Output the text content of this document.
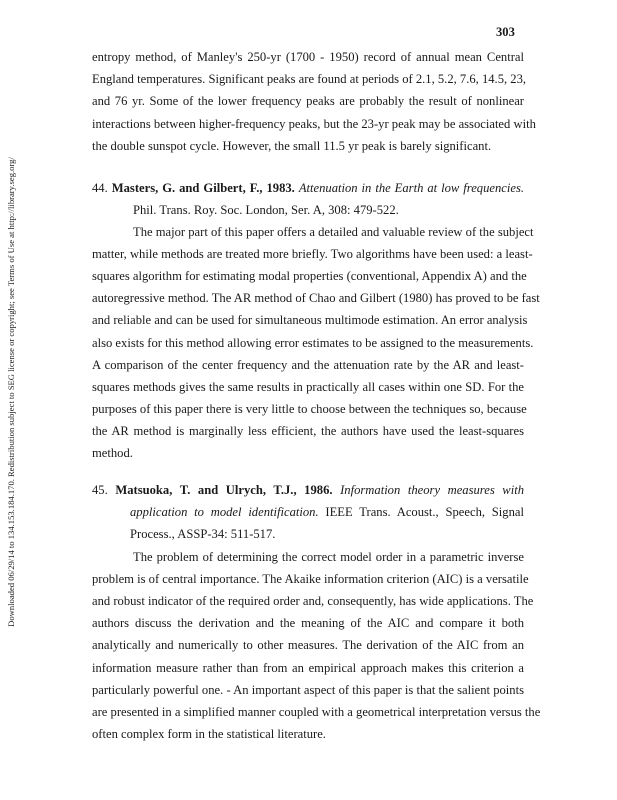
Downloaded 06/29/14 to 134.153.184.170. Redistribution subject to SEG license or copyright; see Terms of Use at http://library.seg.org/
303
entropy method, of Manley's 250-yr (1700 - 1950) record of annual mean Central
England temperatures. Significant peaks are found at periods of 2.1, 5.2, 7.6, 14.5, 23,
and 76 yr. Some of the lower frequency peaks are probably the result of nonlinear
interactions between higher-frequency peaks, but the 23-yr peak may be associated with
the double sunspot cycle. However, the small 11.5 yr peak is barely significant.
44. Masters, G. and Gilbert, F., 1983. Attenuation in the Earth at low frequencies.
Phil. Trans. Roy. Soc. London, Ser. A, 308: 479-522.
The major part of this paper offers a detailed and valuable review of the subject
matter, while methods are treated more briefly. Two algorithms have been used: a least-
squares algorithm for estimating modal properties (conventional, Appendix A) and the
autoregressive method. The AR method of Chao and Gilbert (1980) has proved to be fast
and reliable and can be used for simultaneous multimode estimation. An error analysis
also exists for this method allowing error estimates to be assigned to the measurements.
A comparison of the center frequency and the attenuation rate by the AR and least-
squares methods gives the same results in practically all cases within one SD. For the
purposes of this paper there is very little to choose between the techniques so, because
the AR method is marginally less efficient, the authors have used the least-squares
method.
45. Matsuoka, T. and Ulrych, T.J., 1986. Information theory measures with
application to model identification. IEEE Trans. Acoust., Speech, Signal
Process., ASSP-34: 511-517.
The problem of determining the correct model order in a parametric inverse
problem is of central importance. The Akaike information criterion (AIC) is a versatile
and robust indicator of the required order and, consequently, has wide applications. The
authors discuss the derivation and the meaning of the AIC and compare it both
analytically and numerically to other measures. The derivation of the AIC from an
information measure rather than from an empirical approach makes this criterion a
particularly powerful one. - An important aspect of this paper is that the salient points
are presented in a simplified manner coupled with a geometrical interpretation versus the
often complex form in the statistical literature.
